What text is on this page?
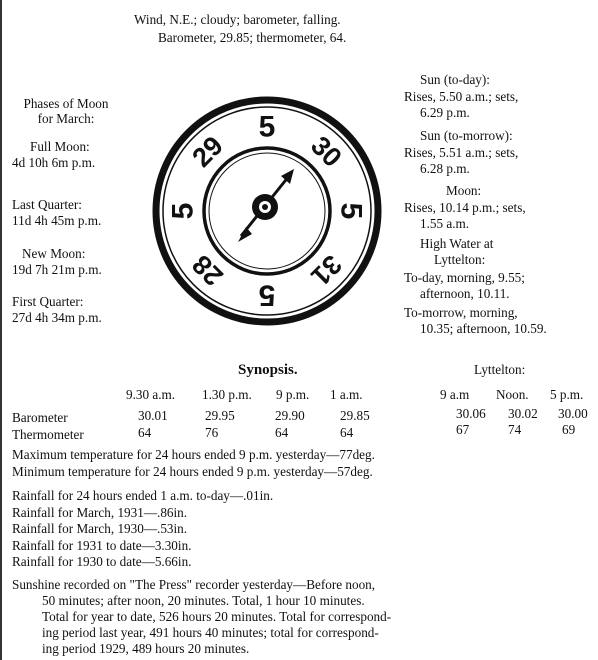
Wind, N.E.; cloudy; barometer, falling.
Barometer, 29.85; thermometer, 64.
Phases of Moon
for March:
Full Moon:
4d 10h 6m p.m.
Last Quarter:
11d 4h 45m p.m.
New Moon:
19d 7h 21m p.m.
First Quarter:
27d 4h 34m p.m.
5
30
5
31
5
28
5
29
Sun (to-day):
Rises, 5.50 a.m.; sets,
6.29 p.m.
Sun (to-morrow):
Rises, 5.51 a.m.; sets,
6.28 p.m.
Moon:
Rises, 10.14 p.m.; sets,
1.55 a.m.
High Water at
Lyttelton:
To-day, morning, 9.55;
afternoon, 10.11.
To-morrow, morning,
10.35; afternoon, 10.59.
Synopsis.	Lyttelton:
9.30 a.m. 1.30 p.m. 9 p.m. 1 a.m.	9 a.m Noon. 5 p.m.
Barometer	30.01	29.95	29.90	29.85	30.06 30.02 30.00
Thermometer	64	76	64	64	67	74	69
Maximum temperature for 24 hours ended 9 p.m. yesterday—77deg.
Minimum temperature for 24 hours ended 9 p.m. yesterday—57deg.
Rainfall for 24 hours ended 1 a.m. to-day—.01in.
Rainfall for March, 1931—.86in.
Rainfall for March, 1930—.53in.
Rainfall for 1931 to date—3.30in.
Rainfall for 1930 to date—5.66in.
Sunshine recorded on "The Press" recorder yesterday—Before noon,
50 minutes; after noon, 20 minutes. Total, 1 hour 10 minutes.
Total for year to date, 526 hours 20 minutes. Total for correspond-
ing period last year, 491 hours 40 minutes; total for correspond-
ing period 1929, 489 hours 20 minutes.
